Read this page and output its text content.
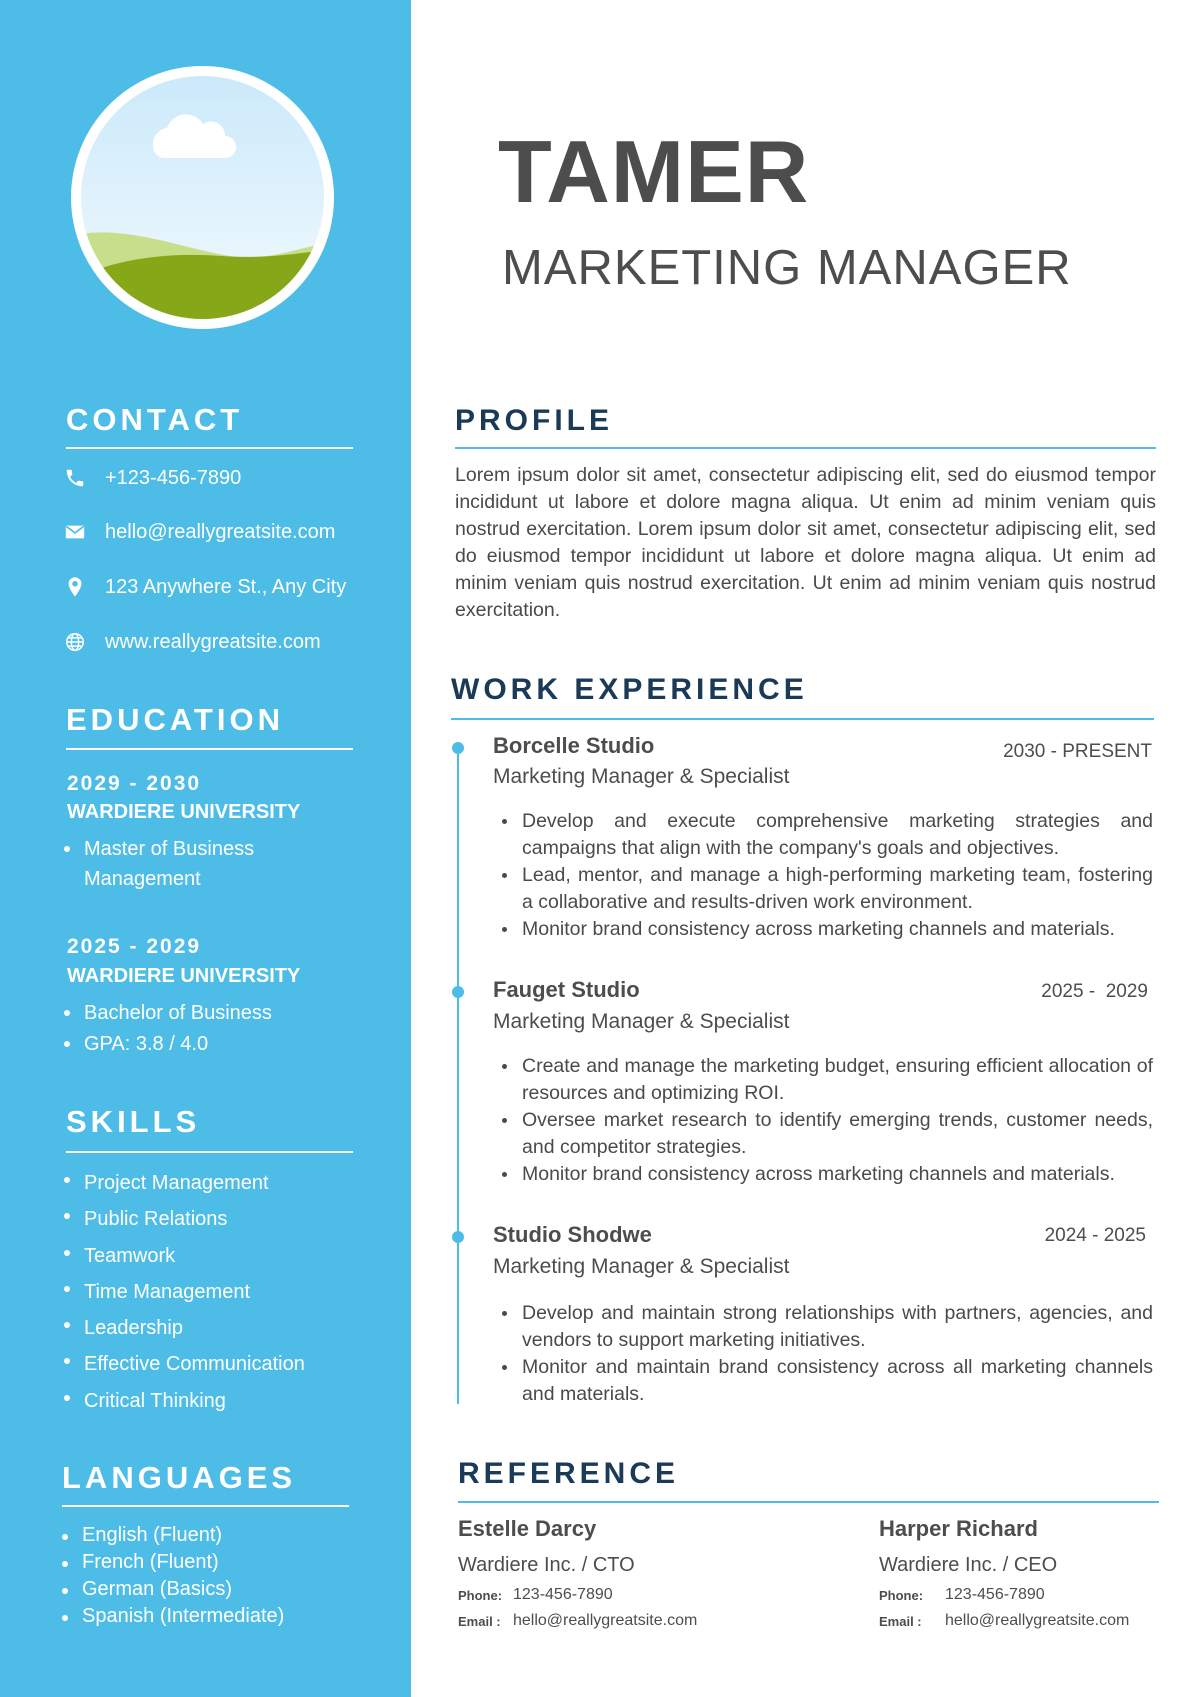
CONTACT
+123-456-7890
hello@reallygreatsite.com
123 Anywhere St., Any City
www.reallygreatsite.com
EDUCATION
2029 - 2030
WARDIERE UNIVERSITY
Master of Business Management
2025 - 2029
WARDIERE UNIVERSITY
Bachelor of Business
GPA: 3.8 / 4.0
SKILLS
Project Management
Public Relations
Teamwork
Time Management
Leadership
Effective Communication
Critical Thinking
LANGUAGES
English (Fluent)
French (Fluent)
German (Basics)
Spanish (Intermediate)
TAMER
MARKETING MANAGER
PROFILE
Lorem ipsum dolor sit amet, consectetur adipiscing elit, sed do eiusmod tempor incididunt ut labore et dolore magna aliqua. Ut enim ad minim veniam quis nostrud exercitation. Lorem ipsum dolor sit amet, consectetur adipiscing elit, sed do eiusmod tempor incididunt ut labore et dolore magna aliqua. Ut enim ad minim veniam quis nostrud exercitation. Ut enim ad minim veniam quis nostrud exercitation.
WORK EXPERIENCE
Borcelle Studio	2030 - PRESENT
Marketing Manager & Specialist
Develop and execute comprehensive marketing strategies and campaigns that align with the company's goals and objectives.
Lead, mentor, and manage a high-performing marketing team, fostering a collaborative and results-driven work environment.
Monitor brand consistency across marketing channels and materials.
Fauget Studio	2025 -  2029
Marketing Manager & Specialist
Create and manage the marketing budget, ensuring efficient allocation of resources and optimizing ROI.
Oversee market research to identify emerging trends, customer needs, and competitor strategies.
Monitor brand consistency across marketing channels and materials.
Studio Shodwe	2024 - 2025
Marketing Manager & Specialist
Develop and maintain strong relationships with partners, agencies, and vendors to support marketing initiatives.
Monitor and maintain brand consistency across all marketing channels and materials.
REFERENCE
Estelle Darcy
Wardiere Inc. / CTO
Phone: 123-456-7890
Email : hello@reallygreatsite.com
Harper Richard
Wardiere Inc. / CEO
Phone: 123-456-7890
Email : hello@reallygreatsite.com
